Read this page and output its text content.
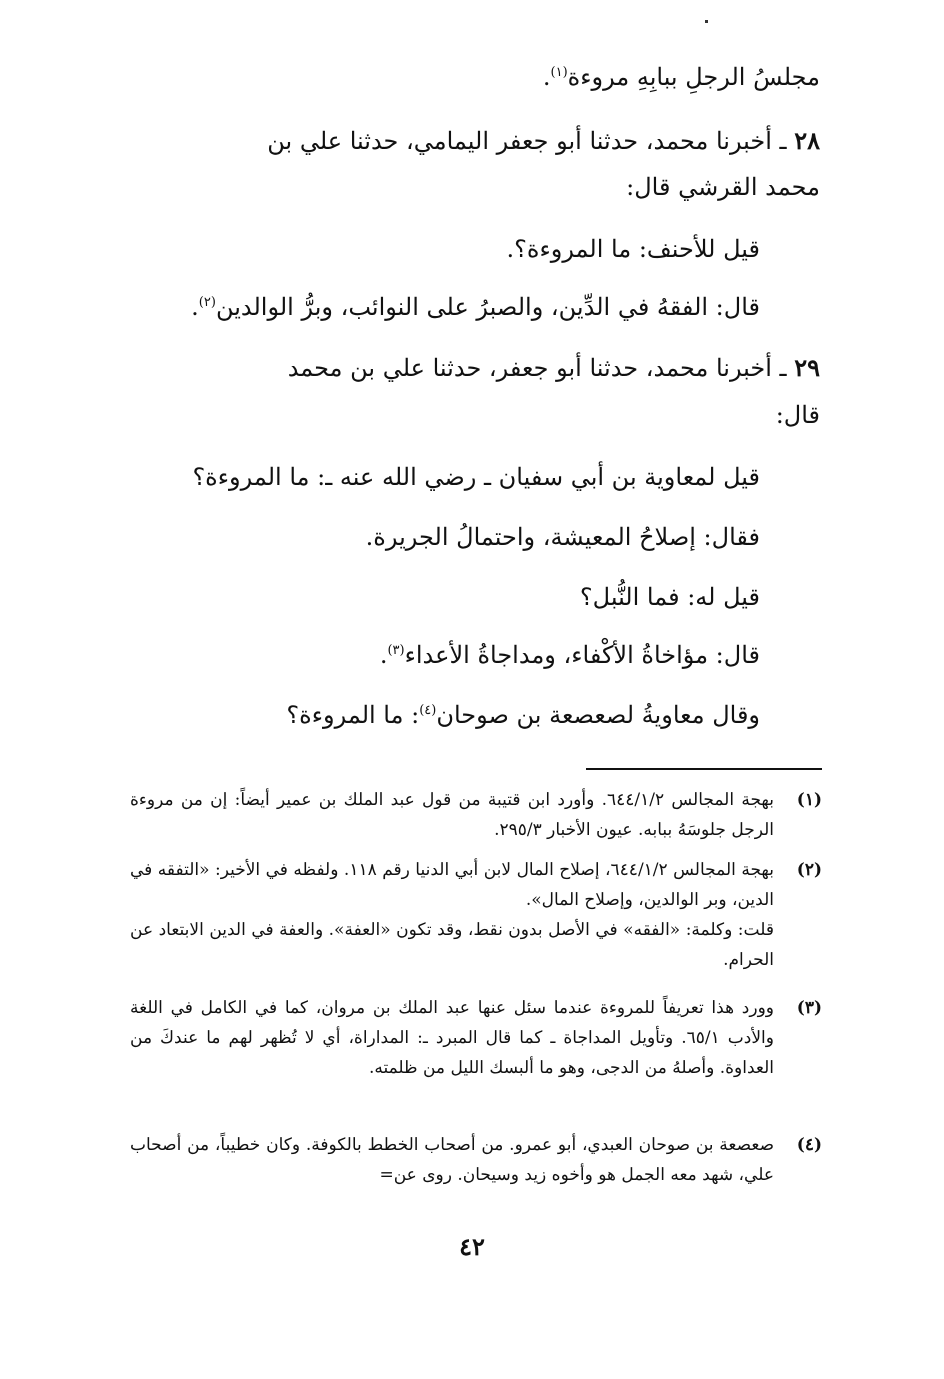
مجلسُ الرجلِ ببابِهِ مروءة$^{(١)}$.

٢٨ ـ أخبرنا محمد، حدثنا أبو جعفر اليمامي، حدثنا علي بن

محمد القرشي قال:

قيل للأحنف: ما المروءة؟.

قال: الفقهُ في الدِّين، والصبرُ على النوائب، وبرُّ الوالدين$^{(٢)}$.

٢٩ ـ أخبرنا محمد، حدثنا أبو جعفر، حدثنا علي بن محمد

قال:

قيل لمعاوية بن أبي سفيان ـ رضي الله عنه ـ: ما المروءة؟

فقال: إصلاحُ المعيشة، واحتمالُ الجريرة.

قيل له: فما النُّبل؟

قال: مؤاخاةُ الأكْفاء، ومداجاةُ الأعداء$^{(٣)}$.

وقال معاويةُ لصعصعة بن صوحان$^{(٤)}$: ما المروءة؟

(١)

بهجة المجالس ٦٤٤/١/٢. وأورد ابن قتيبة من قول عبد الملك بن عمير أيضاً: إن من مروءة الرجل جلوسَهُ ببابه. عيون الأخبار ٢٩٥/٣.

(٢)

بهجة المجالس ٦٤٤/١/٢، إصلاح المال لابن أبي الدنيا رقم ١١٨. ولفظه في الأخير: «التفقه في الدين، وبر الوالدين، وإصلاح المال».

قلت: وكلمة: «الفقه» في الأصل بدون نقط، وقد تكون «العفة». والعفة في الدين الابتعاد عن الحرام.

(٣)

وورد هذا تعريفاً للمروءة عندما سئل عنها عبد الملك بن مروان، كما في الكامل في اللغة والأدب ٦٥/١. وتأويل المداجاة ـ كما قال المبرد ـ: المداراة، أي لا تُظهر لهم ما عندكَ من العداوة. وأصلهُ من الدجى، وهو ما ألبسك الليل من ظلمته.

(٤)

صعصعة بن صوحان العبدي، أبو عمرو. من أصحاب الخطط بالكوفة. وكان خطيباً، من أصحاب علي، شهد معه الجمل هو وأخوه زيد وسيحان. روى عن=

٤٢
